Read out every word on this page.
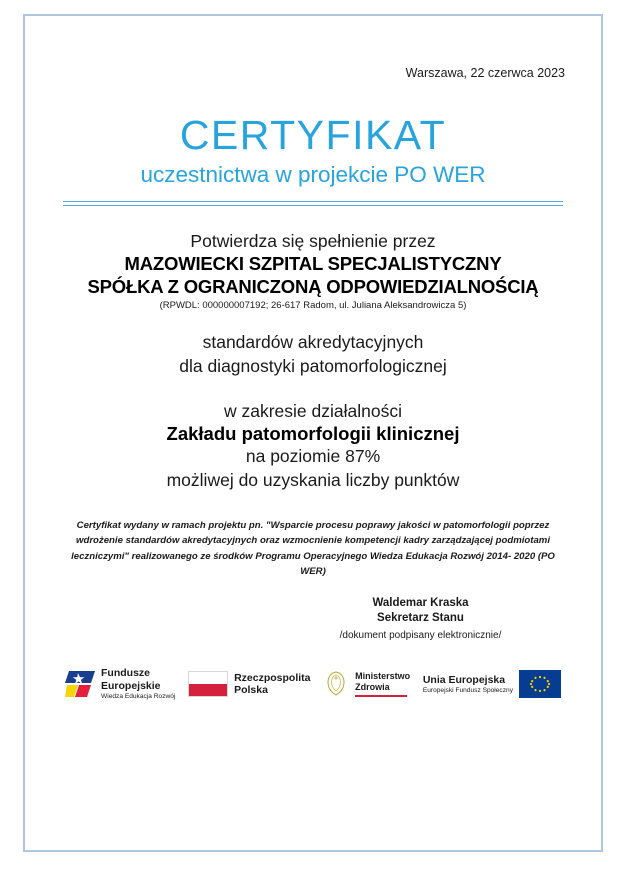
Warszawa, 22 czerwca 2023
CERTYFIKAT
uczestnictwa w projekcie PO WER
Potwierdza się spełnienie przez
MAZOWIECKI SZPITAL SPECJALISTYCZNY
SPÓŁKA Z OGRANICZONĄ ODPOWIEDZIALNOŚCIĄ
(RPWDL: 000000007192; 26-617 Radom, ul. Juliana Aleksandrowicza 5)
standardów akredytacyjnych
dla diagnostyki patomorfologicznej
w zakresie działalności
Zakładu patomorfologii klinicznej
na poziomie 87%
możliwej do uzyskania liczby punktów
Certyfikat wydany w ramach projektu pn. "Wsparcie procesu poprawy jakości w patomorfologii poprzez wdrożenie standardów akredytacyjnych oraz wzmocnienie kompetencji kadry zarządzającej podmiotami leczniczymi" realizowanego ze środków Programu Operacyjnego Wiedza Edukacja Rozwój 2014- 2020 (PO WER)
Waldemar Kraska
Sekretarz Stanu
/dokument podpisany elektronicznie/
Fundusze
Europejskie
Wiedza Edukacja Rozwój
Rzeczpospolita
Polska
Ministerstwo
Zdrowia
Unia Europejska
Europejski Fundusz Społeczny
